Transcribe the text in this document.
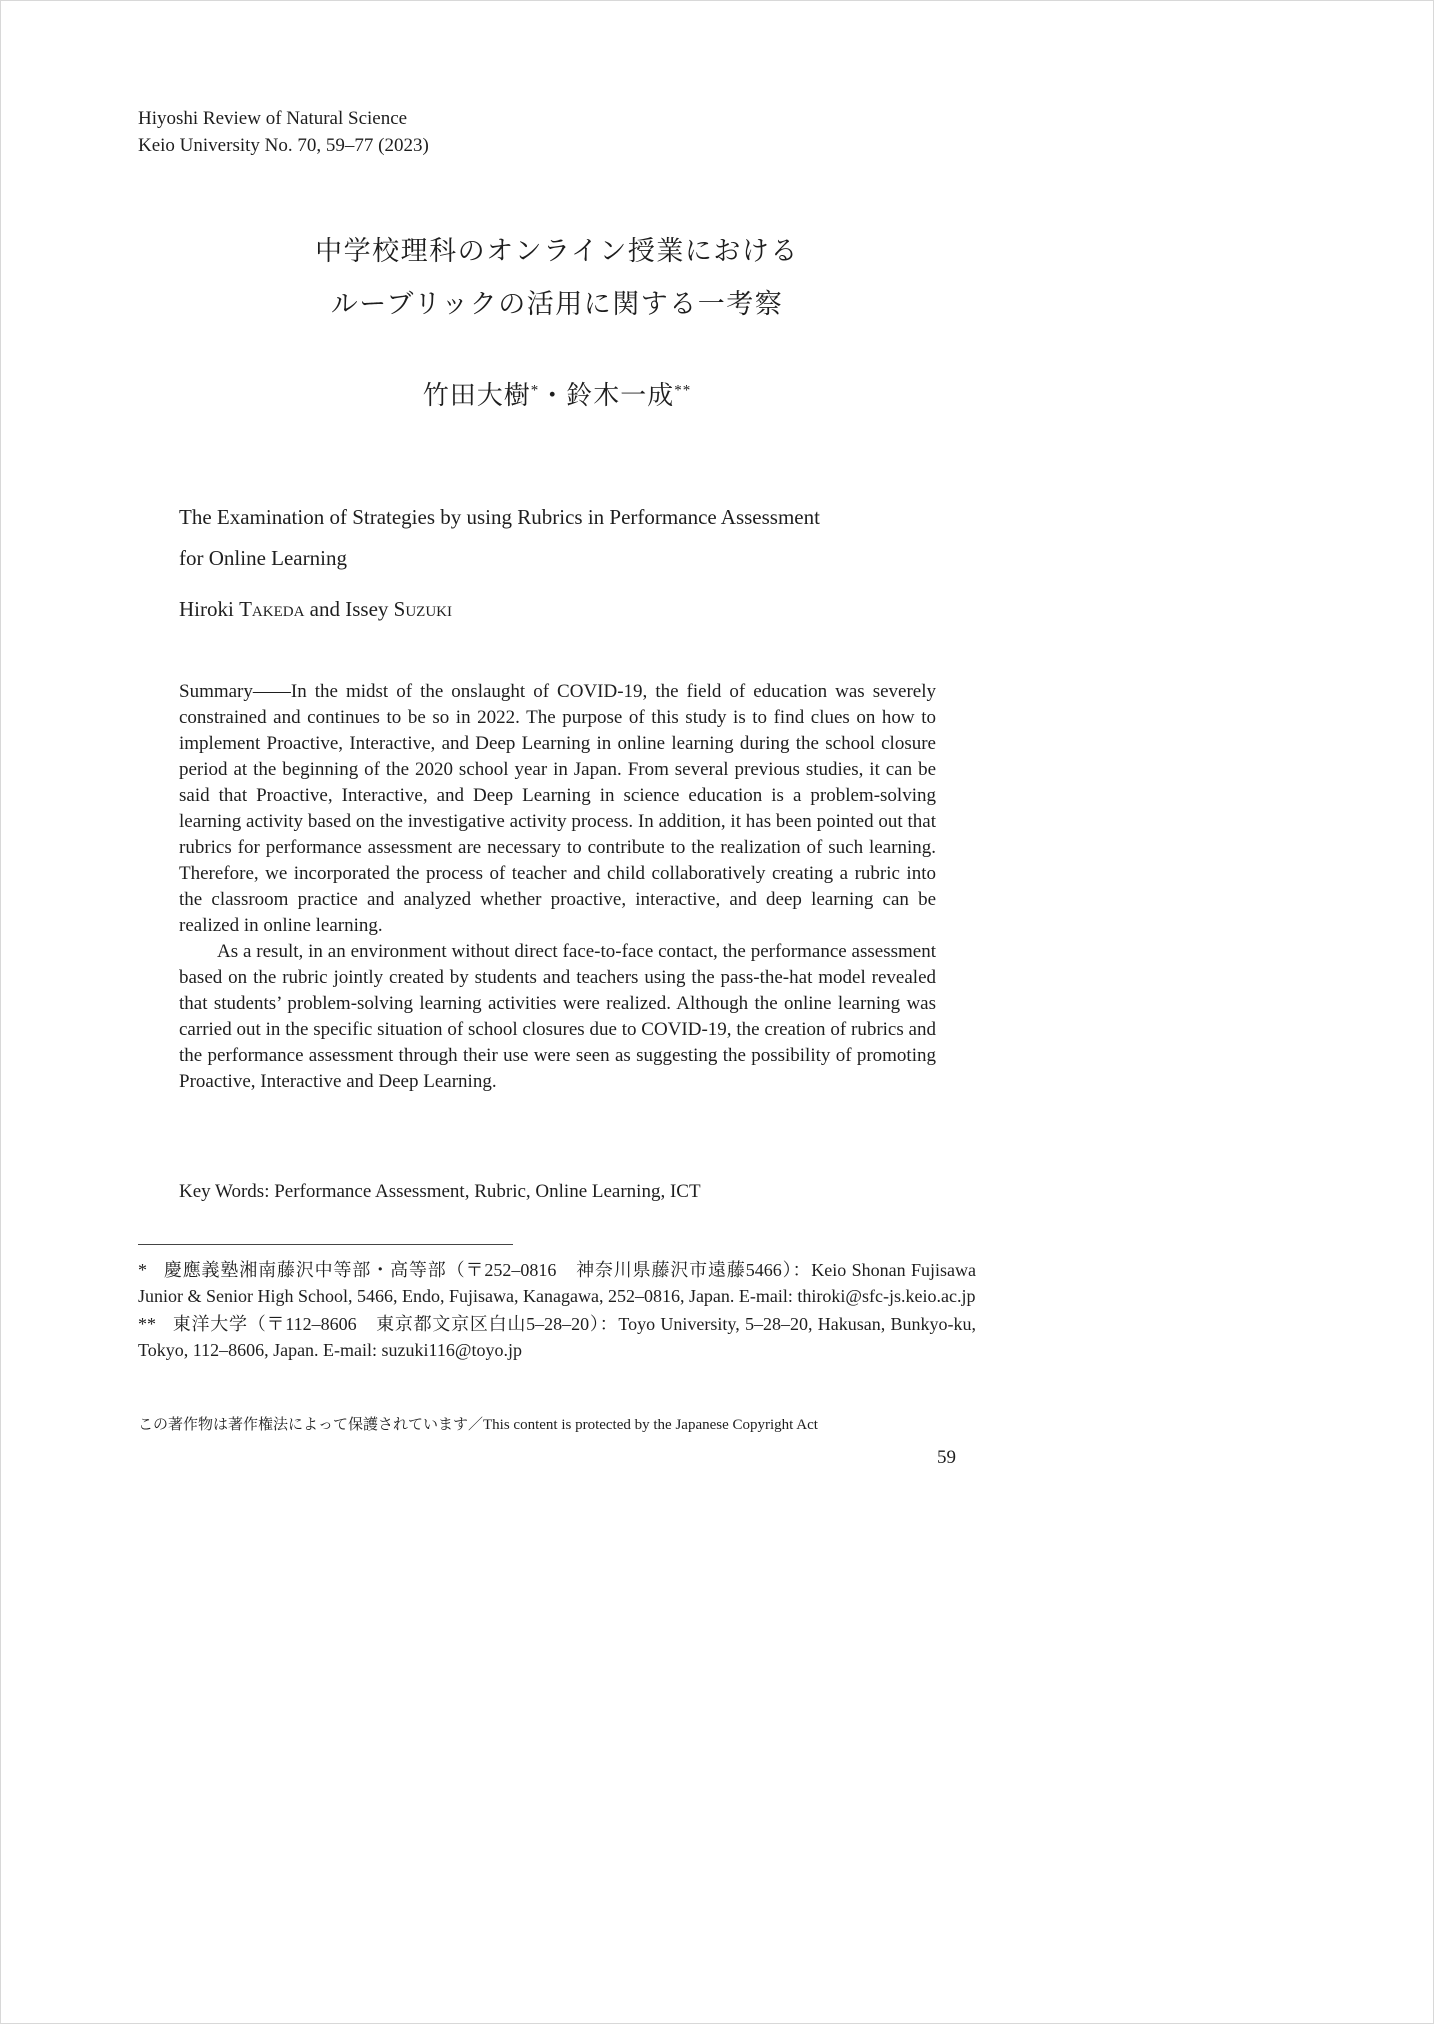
Hiyoshi Review of Natural Science
Keio University No. 70, 59–77 (2023)
中学校理科のオンライン授業における
ルーブリックの活用に関する一考察
竹田大樹*・鈴木一成**
The Examination of Strategies by using Rubrics in Performance Assessment
for Online Learning
Hiroki Takeda and Issey Suzuki

Summary——In the midst of the onslaught of COVID-19, the field of education was severely constrained and continues to be so in 2022. The purpose of this study is to find clues on how to implement Proactive, Interactive, and Deep Learning in online learning during the school closure period at the beginning of the 2020 school year in Japan. From several previous studies, it can be said that Proactive, Interactive, and Deep Learning in science education is a problem-solving learning activity based on the investigative activity process. In addition, it has been pointed out that rubrics for performance assessment are necessary to contribute to the realization of such learning. Therefore, we incorporated the process of teacher and child collaboratively creating a rubric into the classroom practice and analyzed whether proactive, interactive, and deep learning can be realized in online learning.

As a result, in an environment without direct face-to-face contact, the performance assessment based on the rubric jointly created by students and teachers using the pass-the-hat model revealed that students’ problem-solving learning activities were realized. Although the online learning was carried out in the specific situation of school closures due to COVID-19, the creation of rubrics and the performance assessment through their use were seen as suggesting the possibility of promoting Proactive, Interactive and Deep Learning.

Key Words: Performance Assessment, Rubric, Online Learning, ICT

* 慶應義塾湘南藤沢中等部・高等部（〒252–0816　神奈川県藤沢市遠藤5466）：Keio Shonan Fujisawa Junior & Senior High School, 5466, Endo, Fujisawa, Kanagawa, 252–0816, Japan. E-mail: thiroki@sfc-js.keio.ac.jp

** 東洋大学（〒112–8606　東京都文京区白山5–28–20）：Toyo University, 5–28–20, Hakusan, Bunkyo-ku, Tokyo, 112–8606, Japan. E-mail: suzuki116@toyo.jp

この著作物は著作権法によって保護されています／This content is protected by the Japanese Copyright Act
59
